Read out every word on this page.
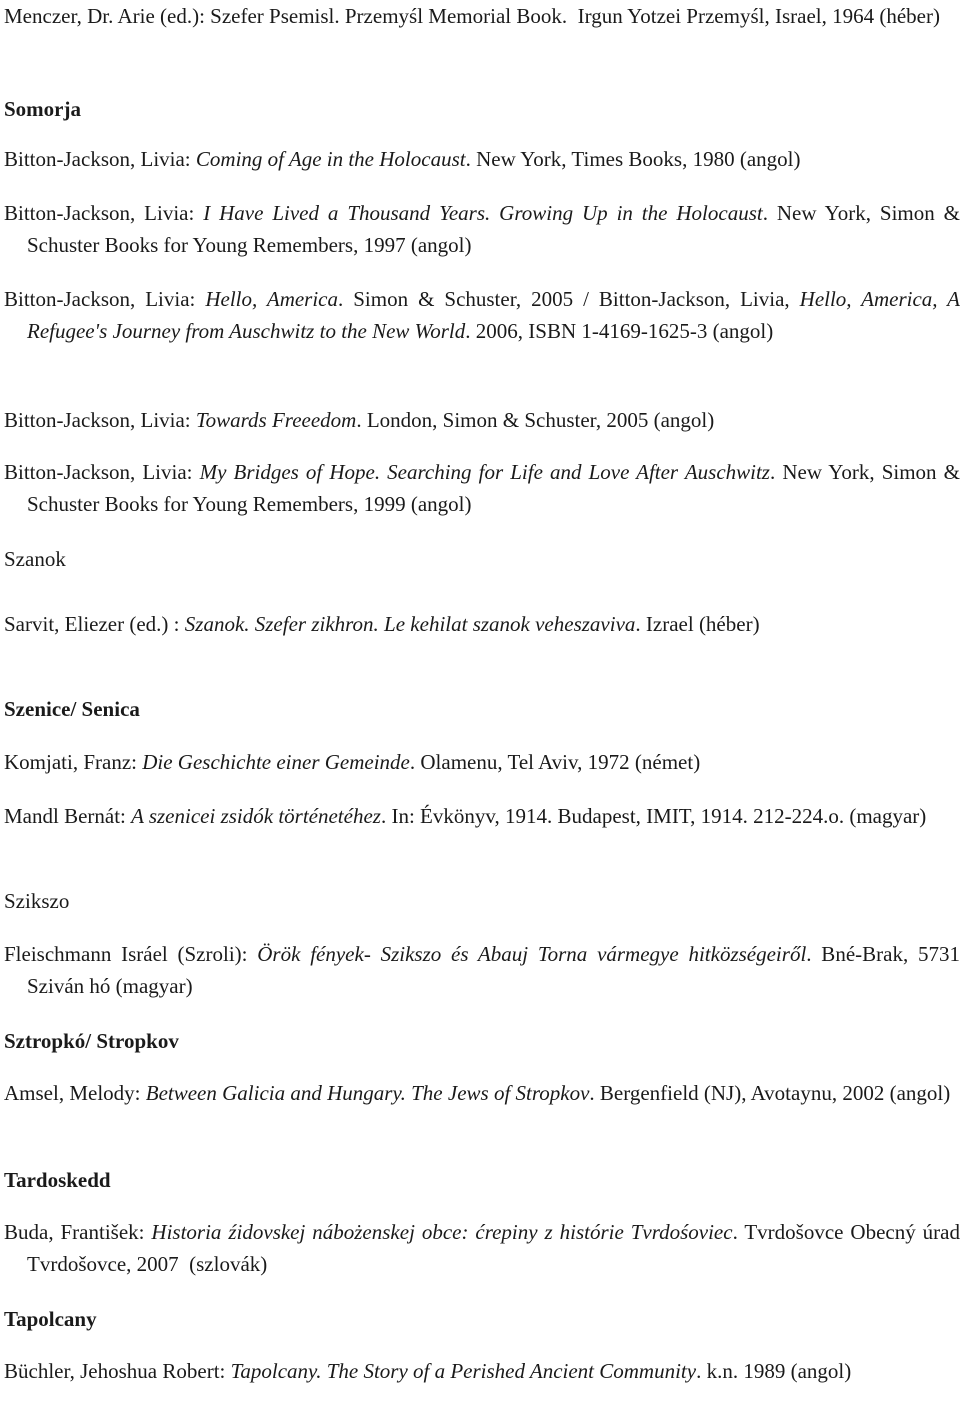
Menczer, Dr. Arie (ed.): Szefer Psemisl. Przemyśl Memorial Book.  Irgun Yotzei Przemyśl, Israel, 1964 (héber)
Somorja
Bitton-Jackson, Livia: Coming of Age in the Holocaust. New York, Times Books, 1980 (angol)
Bitton-Jackson, Livia: I Have Lived a Thousand Years. Growing Up in the Holocaust. New York, Simon & Schuster Books for Young Remembers, 1997 (angol)
Bitton-Jackson, Livia: Hello, America. Simon & Schuster, 2005 / Bitton-Jackson, Livia, Hello, America, A Refugee's Journey from Auschwitz to the New World. 2006, ISBN 1-4169-1625-3 (angol)
Bitton-Jackson, Livia: Towards Freeedom. London, Simon & Schuster, 2005 (angol)
Bitton-Jackson, Livia: My Bridges of Hope. Searching for Life and Love After Auschwitz. New York, Simon & Schuster Books for Young Remembers, 1999 (angol)
Szanok
Sarvit, Eliezer (ed.) : Szanok. Szefer zikhron. Le kehilat szanok veheszaviva. Izrael (héber)
Szenice/ Senica
Komjati, Franz: Die Geschichte einer Gemeinde. Olamenu, Tel Aviv, 1972 (német)
Mandl Bernát: A szenicei zsidók történetéhez. In: Évkönyv, 1914. Budapest, IMIT, 1914. 212-224.o. (magyar)
Szikszo
Fleischmann Isráel (Szroli): Örök fények- Szikszo és Abauj Torna vármegye hitközségeiről. Bné-Brak, 5731 Sziván hó (magyar)
Sztropkó/ Stropkov
Amsel, Melody: Between Galicia and Hungary. The Jews of Stropkov. Bergenfield (NJ), Avotaynu, 2002 (angol)
Tardoskedd
Buda, František: Historia źidovskej nábożenskej obce: ćrepiny z histórie Tvrdośoviec. Tvrdošovce Obecný úrad Tvrdošovce, 2007  (szlovák)
Tapolcany
Büchler, Jehoshua Robert: Tapolcany. The Story of a Perished Ancient Community. k.n. 1989 (angol)
